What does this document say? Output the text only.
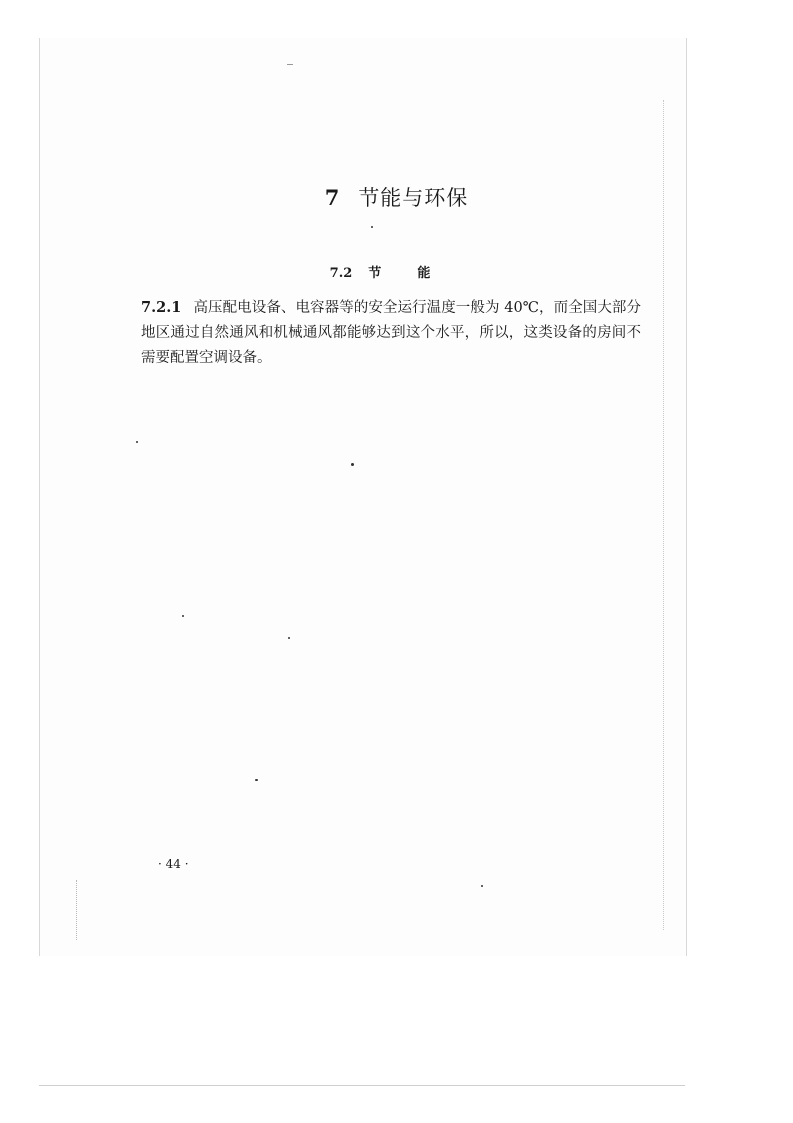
7 节能与环保
7.2 节	能
7.2.1 高压配电设备、电容器等的安全运行温度一般为 40℃，而全国大部分地区通过自然通风和机械通风都能够达到这个水平，所以，这类设备的房间不需要配置空调设备。
· 44 ·
